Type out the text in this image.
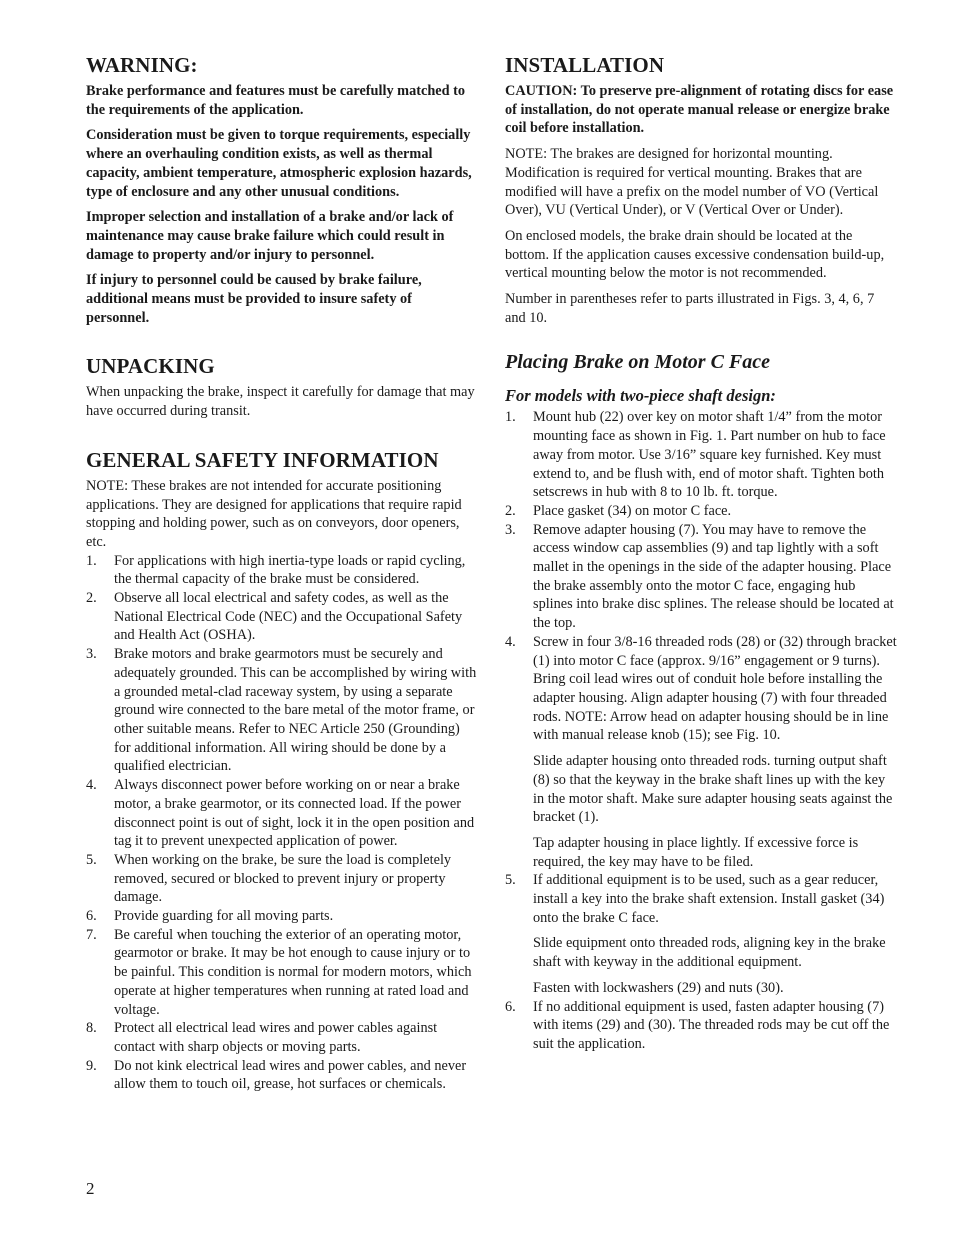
WARNING:

Brake performance and features must be carefully matched to the requirements of the application.

Consideration must be given to torque requirements, especially where an overhauling condition exists, as well as thermal capacity, ambient temperature, atmospheric explosion hazards, type of enclosure and any other unusual conditions.

Improper selection and installation of a brake and/or lack of maintenance may cause brake failure which could result in damage to property and/or injury to personnel.

If injury to personnel could be caused by brake failure, additional means must be provided to insure safety of personnel.

UNPACKING

When unpacking the brake, inspect it carefully for damage that may have occurred during transit.

GENERAL SAFETY INFORMATION

NOTE: These brakes are not intended for accurate positioning applications. They are designed for applications that require rapid stopping and holding power, such as on conveyors, door openers, etc.

1. For applications with high inertia-type loads or rapid cycling, the thermal capacity of the brake must be considered.
2. Observe all local electrical and safety codes, as well as the National Electrical Code (NEC) and the Occupational Safety and Health Act (OSHA).
3. Brake motors and brake gearmotors must be securely and adequately grounded. This can be accomplished by wiring with a grounded metal-clad raceway system, by using a separate ground wire connected to the bare metal of the motor frame, or other suitable means. Refer to NEC Article 250 (Grounding) for additional information. All wiring should be done by a qualified electrician.
4. Always disconnect power before working on or near a brake motor, a brake gearmotor, or its connected load. If the power disconnect point is out of sight, lock it in the open position and tag it to prevent unexpected application of power.
5. When working on the brake, be sure the load is completely removed, secured or blocked to prevent injury or property damage.
6. Provide guarding for all moving parts.
7. Be careful when touching the exterior of an operating motor, gearmotor or brake. It may be hot enough to cause injury or to be painful. This condition is normal for modern motors, which operate at higher temperatures when running at rated load and voltage.
8. Protect all electrical lead wires and power cables against contact with sharp objects or moving parts.
9. Do not kink electrical lead wires and power cables, and never allow them to touch oil, grease, hot surfaces or chemicals.
INSTALLATION

CAUTION: To preserve pre-alignment of rotating discs for ease of installation, do not operate manual release or energize brake coil before installation.

NOTE: The brakes are designed for horizontal mounting. Modification is required for vertical mounting. Brakes that are modified will have a prefix on the model number of VO (Vertical Over), VU (Vertical Under), or V (Vertical Over or Under).

On enclosed models, the brake drain should be located at the bottom. If the application causes excessive condensation build-up, vertical mounting below the motor is not recommended.

Number in parentheses refer to parts illustrated in Figs. 3, 4, 6, 7 and 10.

Placing Brake on Motor C Face
For models with two-piece shaft design:
1. Mount hub (22) over key on motor shaft 1/4” from the motor mounting face as shown in Fig. 1. Part number on hub to face away from motor. Use 3/16” square key furnished. Key must extend to, and be flush with, end of motor shaft. Tighten both setscrews in hub with 8 to 10 lb. ft. torque.
2. Place gasket (34) on motor C face.
3. Remove adapter housing (7). You may have to remove the access window cap assemblies (9) and tap lightly with a soft mallet in the openings in the side of the adapter housing. Place the brake assembly onto the motor C face, engaging hub splines into brake disc splines. The release should be located at the top.
4. Screw in four 3/8-16 threaded rods (28) or (32) through bracket (1) into motor C face (approx. 9/16” engagement or 9 turns). Bring coil lead wires out of conduit hole before installing the adapter housing. Align adapter housing (7) with four threaded rods. NOTE: Arrow head on adapter housing should be in line with manual release knob (15); see Fig. 10.

Slide adapter housing onto threaded rods. turning output shaft (8) so that the keyway in the brake shaft lines up with the key in the motor shaft. Make sure adapter housing seats against the bracket (1).

Tap adapter housing in place lightly. If excessive force is required, the key may have to be filed.

5. If additional equipment is to be used, such as a gear reducer, install a key into the brake shaft extension. Install gasket (34) onto the brake C face.

Slide equipment onto threaded rods, aligning key in the brake shaft with keyway in the additional equipment.

Fasten with lockwashers (29) and nuts (30).

6. If no additional equipment is used, fasten adapter housing (7) with items (29) and (30). The threaded rods may be cut off the suit the application.
2
